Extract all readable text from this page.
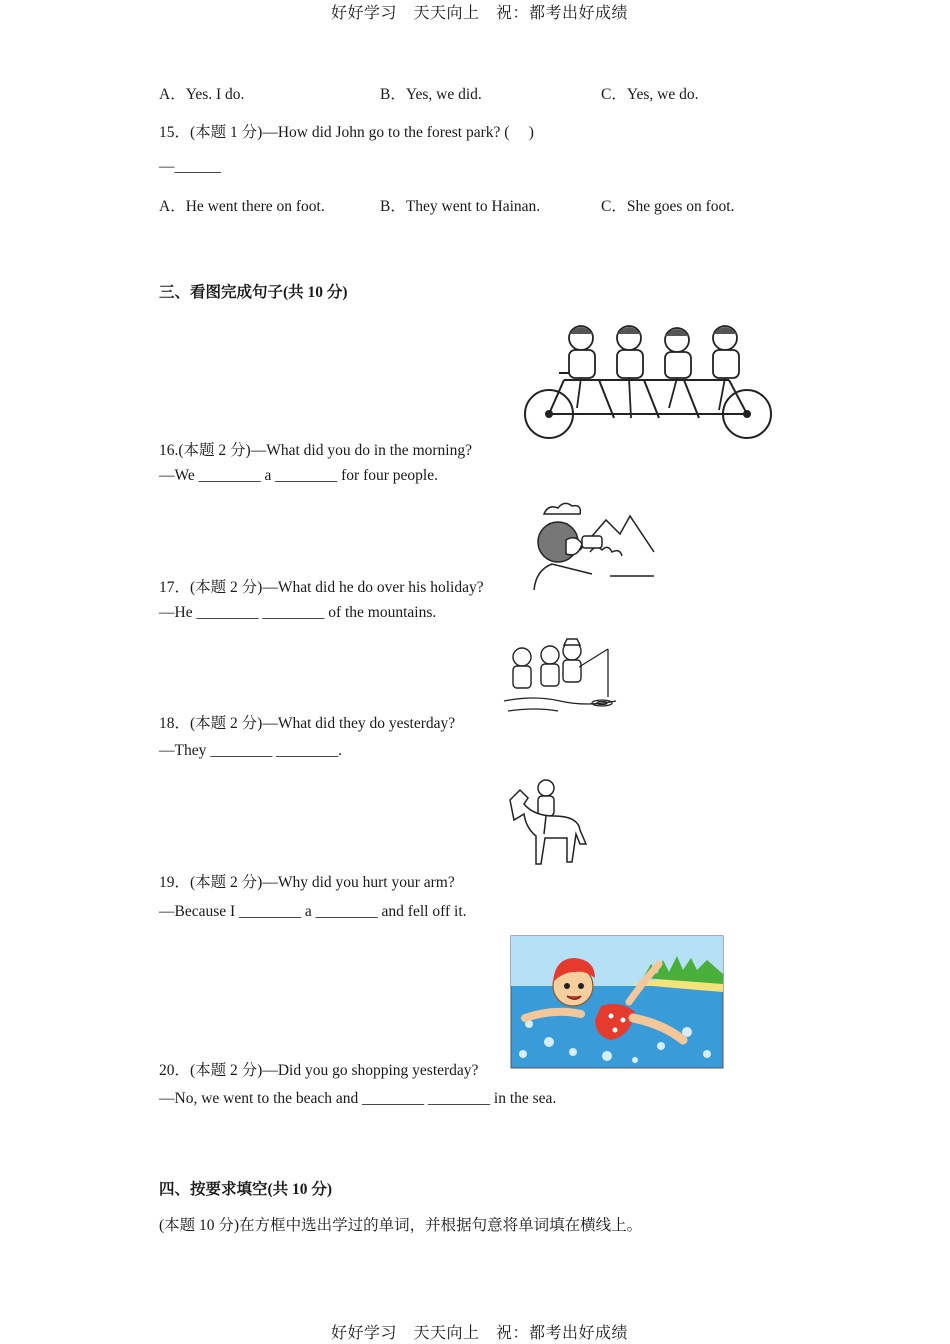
好好学习　天天向上　祝：都考出好成绩
A．Yes. I do.	B．Yes, we did.	C．Yes, we do.
15．(本题 1 分)—How did John go to the forest park? (　 )
—______
A．He went there on foot.	B．They went to Hainan.	C．She goes on foot.
三、看图完成句子(共 10 分)
16.(本题 2 分)—What did you do in the morning?
—We ________ a ________ for four people.
17．(本题 2 分)—What did he do over his holiday?
—He ________ ________ of the mountains.
18．(本题 2 分)—What did they do yesterday?
—They ________ ________.
19．(本题 2 分)—Why did you hurt your arm?
—Because I ________ a ________ and fell off it.
20．(本题 2 分)—Did you go shopping yesterday?
—No, we went to the beach and ________ ________ in the sea.
四、按要求填空(共 10 分)
(本题 10 分)在方框中选出学过的单词，并根据句意将单词填在横线上。
好好学习　天天向上　祝：都考出好成绩
